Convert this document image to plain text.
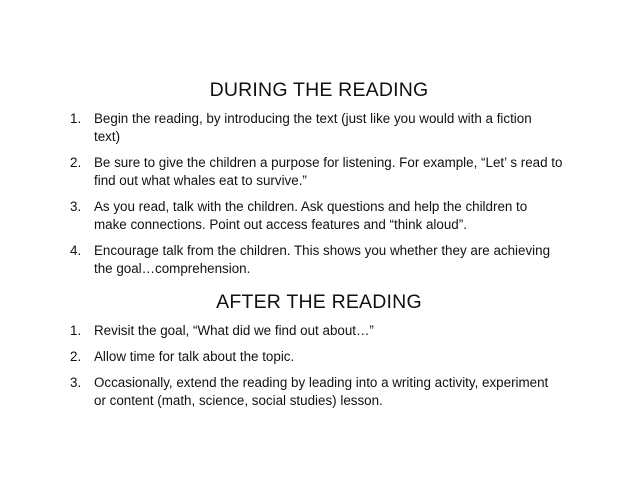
DURING THE READING
1. Begin the reading, by introducing the text (just like you would with a fiction
text)
2. Be sure to give the children a purpose for listening. For example, “Let’ s read to
find out what whales eat to survive.”
3. As you read, talk with the children. Ask questions and help the children to
make connections. Point out access features and “think aloud”.
4. Encourage talk from the children. This shows you whether they are achieving
the goal…comprehension.
AFTER THE READING
1. Revisit the goal, “What did we find out about…”
2. Allow time for talk about the topic.
3. Occasionally, extend the reading by leading into a writing activity, experiment
or content (math, science, social studies) lesson.
